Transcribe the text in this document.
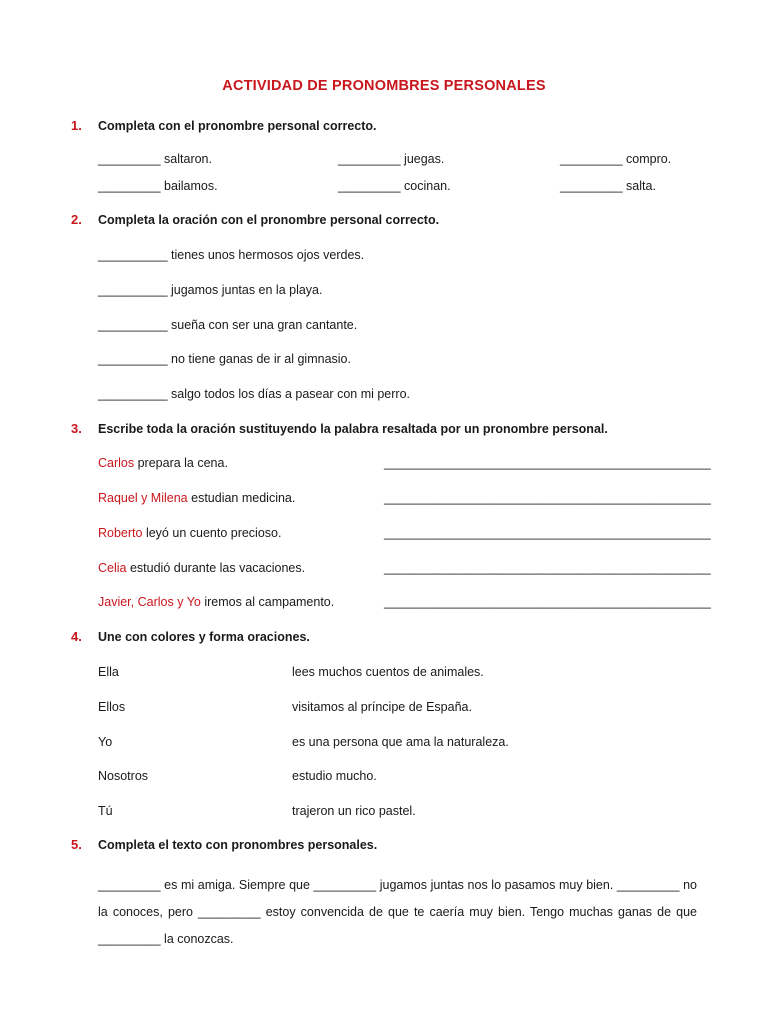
ACTIVIDAD DE PRONOMBRES PERSONALES
1. Completa con el pronombre personal correcto.
_________ saltaron.	_________ juegas.	_________ compro.
_________ bailamos.	_________ cocinan.	_________ salta.
2. Completa la oración con el pronombre personal correcto.
__________ tienes unos hermosos ojos verdes.
__________ jugamos juntas en la playa.
__________ sueña con ser una gran cantante.
__________ no tiene ganas de ir al gimnasio.
__________ salgo todos los días a pasear con mi perro.
3. Escribe toda la oración sustituyendo la palabra resaltada por un pronombre personal.
Carlos prepara la cena.	_______________________________________________
Raquel y Milena estudian medicina.	_______________________________________________
Roberto leyó un cuento precioso.	_______________________________________________
Celia estudió durante las vacaciones.	_______________________________________________
Javier, Carlos y Yo iremos al campamento.	_______________________________________________
4. Une con colores y forma oraciones.
Ella	lees muchos cuentos de animales.
Ellos	visitamos al príncipe de España.
Yo	es una persona que ama la naturaleza.
Nosotros	estudio mucho.
Tú	trajeron un rico pastel.
5. Completa el texto con pronombres personales.
_________ es mi amiga. Siempre que _________ jugamos juntas nos lo pasamos muy bien. _________ no la conoces, pero _________ estoy convencida de que te caería muy bien. Tengo muchas ganas de que _________ la conozcas.
